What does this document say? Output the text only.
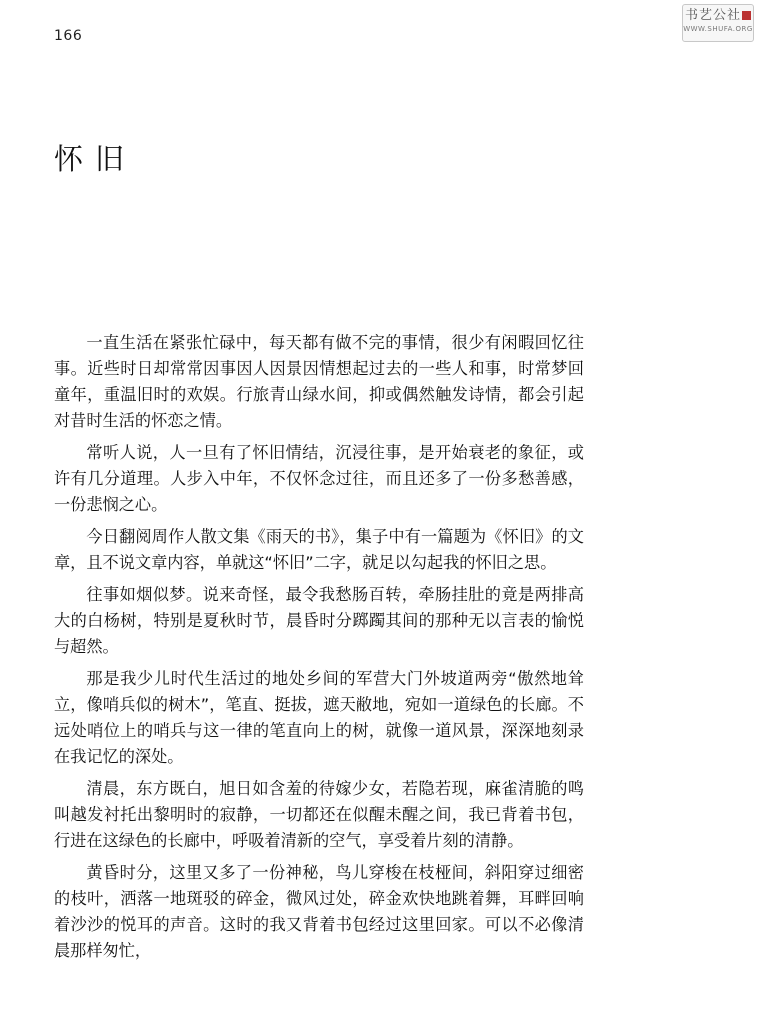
166
书艺公社
WWW.SHUFA.ORG
怀旧

一直生活在紧张忙碌中，每天都有做不完的事情，很少有闲暇回忆往事。近些时日却常常因事因人因景因情想起过去的一些人和事，时常梦回童年，重温旧时的欢娱。行旅青山绿水间，抑或偶然触发诗情，都会引起对昔时生活的怀恋之情。

常听人说，人一旦有了怀旧情结，沉浸往事，是开始衰老的象征，或许有几分道理。人步入中年，不仅怀念过往，而且还多了一份多愁善感，一份悲悯之心。

今日翻阅周作人散文集《雨天的书》，集子中有一篇题为《怀旧》的文章，且不说文章内容，单就这“怀旧”二字，就足以勾起我的怀旧之思。

往事如烟似梦。说来奇怪，最令我愁肠百转，牵肠挂肚的竟是两排高大的白杨树，特别是夏秋时节，晨昏时分踯躅其间的那种无以言表的愉悦与超然。

那是我少儿时代生活过的地处乡间的军营大门外坡道两旁“傲然地耸立，像哨兵似的树木”，笔直、挺拔，遮天敝地，宛如一道绿色的长廊。不远处哨位上的哨兵与这一律的笔直向上的树，就像一道风景，深深地刻录在我记忆的深处。

清晨，东方既白，旭日如含羞的待嫁少女，若隐若现，麻雀清脆的鸣叫越发衬托出黎明时的寂静，一切都还在似醒未醒之间，我已背着书包，行进在这绿色的长廊中，呼吸着清新的空气，享受着片刻的清静。

黄昏时分，这里又多了一份神秘，鸟儿穿梭在枝桠间，斜阳穿过细密的枝叶，洒落一地斑驳的碎金，微风过处，碎金欢快地跳着舞，耳畔回响着沙沙的悦耳的声音。这时的我又背着书包经过这里回家。可以不必像清晨那样匆忙，
